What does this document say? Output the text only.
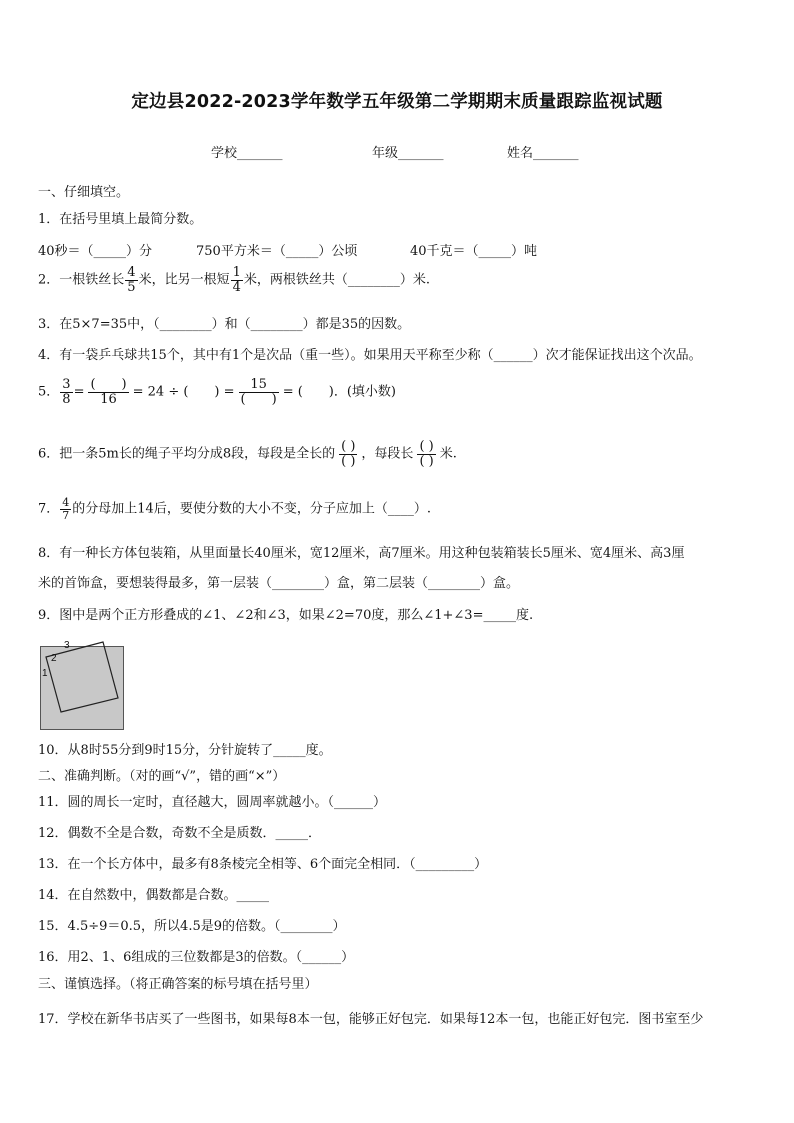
定边县2022-2023学年数学五年级第二学期期末质量跟踪监视试题
学校_______	年级_______	姓名_______
一、仔细填空。
1．在括号里填上最简分数。
40秒＝（_____）分	750平方米＝（_____）公顷	40千克＝（_____）吨
2．一根铁丝长 $\frac{4}{5}$ 米，比另一根短 $\frac{1}{4}$ 米，两根铁丝共（________）米.
3．在5×7=35中，（________）和（________）都是35的因数。
4．有一袋乒乓球共15个，其中有1个是次品（重一些）。如果用天平称至少称（______）次才能保证找出这个次品。
5． $\frac{3}{8} = \frac{( )}{16} = 24$ ÷ (　　) = $\frac{15}{( )}$ = (　　)．(填小数)
6．把一条5m长的绳子平均分成8段，每段是全长的 $\frac{( )}{( )}$ ，每段长 $\frac{( )}{( )}$ 米.
7． $\frac{4}{7}$ 的分母加上14后，要使分数的大小不变，分子应加上（____）.
8．有一种长方体包装箱，从里面量长40厘米，宽12厘米，高7厘米。用这种包装箱装长5厘米、宽4厘米、高3厘
米的首饰盒，要想装得最多，第一层装（________）盒，第二层装（________）盒。
9．图中是两个正方形叠成的∠1、∠2和∠3，如果∠2=70度，那么∠1+∠3=_____度.
1
2
3
10．从8时55分到9时15分，分针旋转了_____度。
二、准确判断。（对的画“√”，错的画“×”）
11．圆的周长一定时，直径越大，圆周率就越小。（______）
12．偶数不全是合数，奇数不全是质数．_____．
13．在一个长方体中，最多有8条棱完全相等、6个面完全相同．（_________）
14．在自然数中，偶数都是合数。_____
15．4.5÷9＝0.5，所以4.5是9的倍数。（________）
16．用2、1、6组成的三位数都是3的倍数。（______）
三、谨慎选择。（将正确答案的标号填在括号里）
17．学校在新华书店买了一些图书，如果每8本一包，能够正好包完．如果每12本一包，也能正好包完．图书室至少
